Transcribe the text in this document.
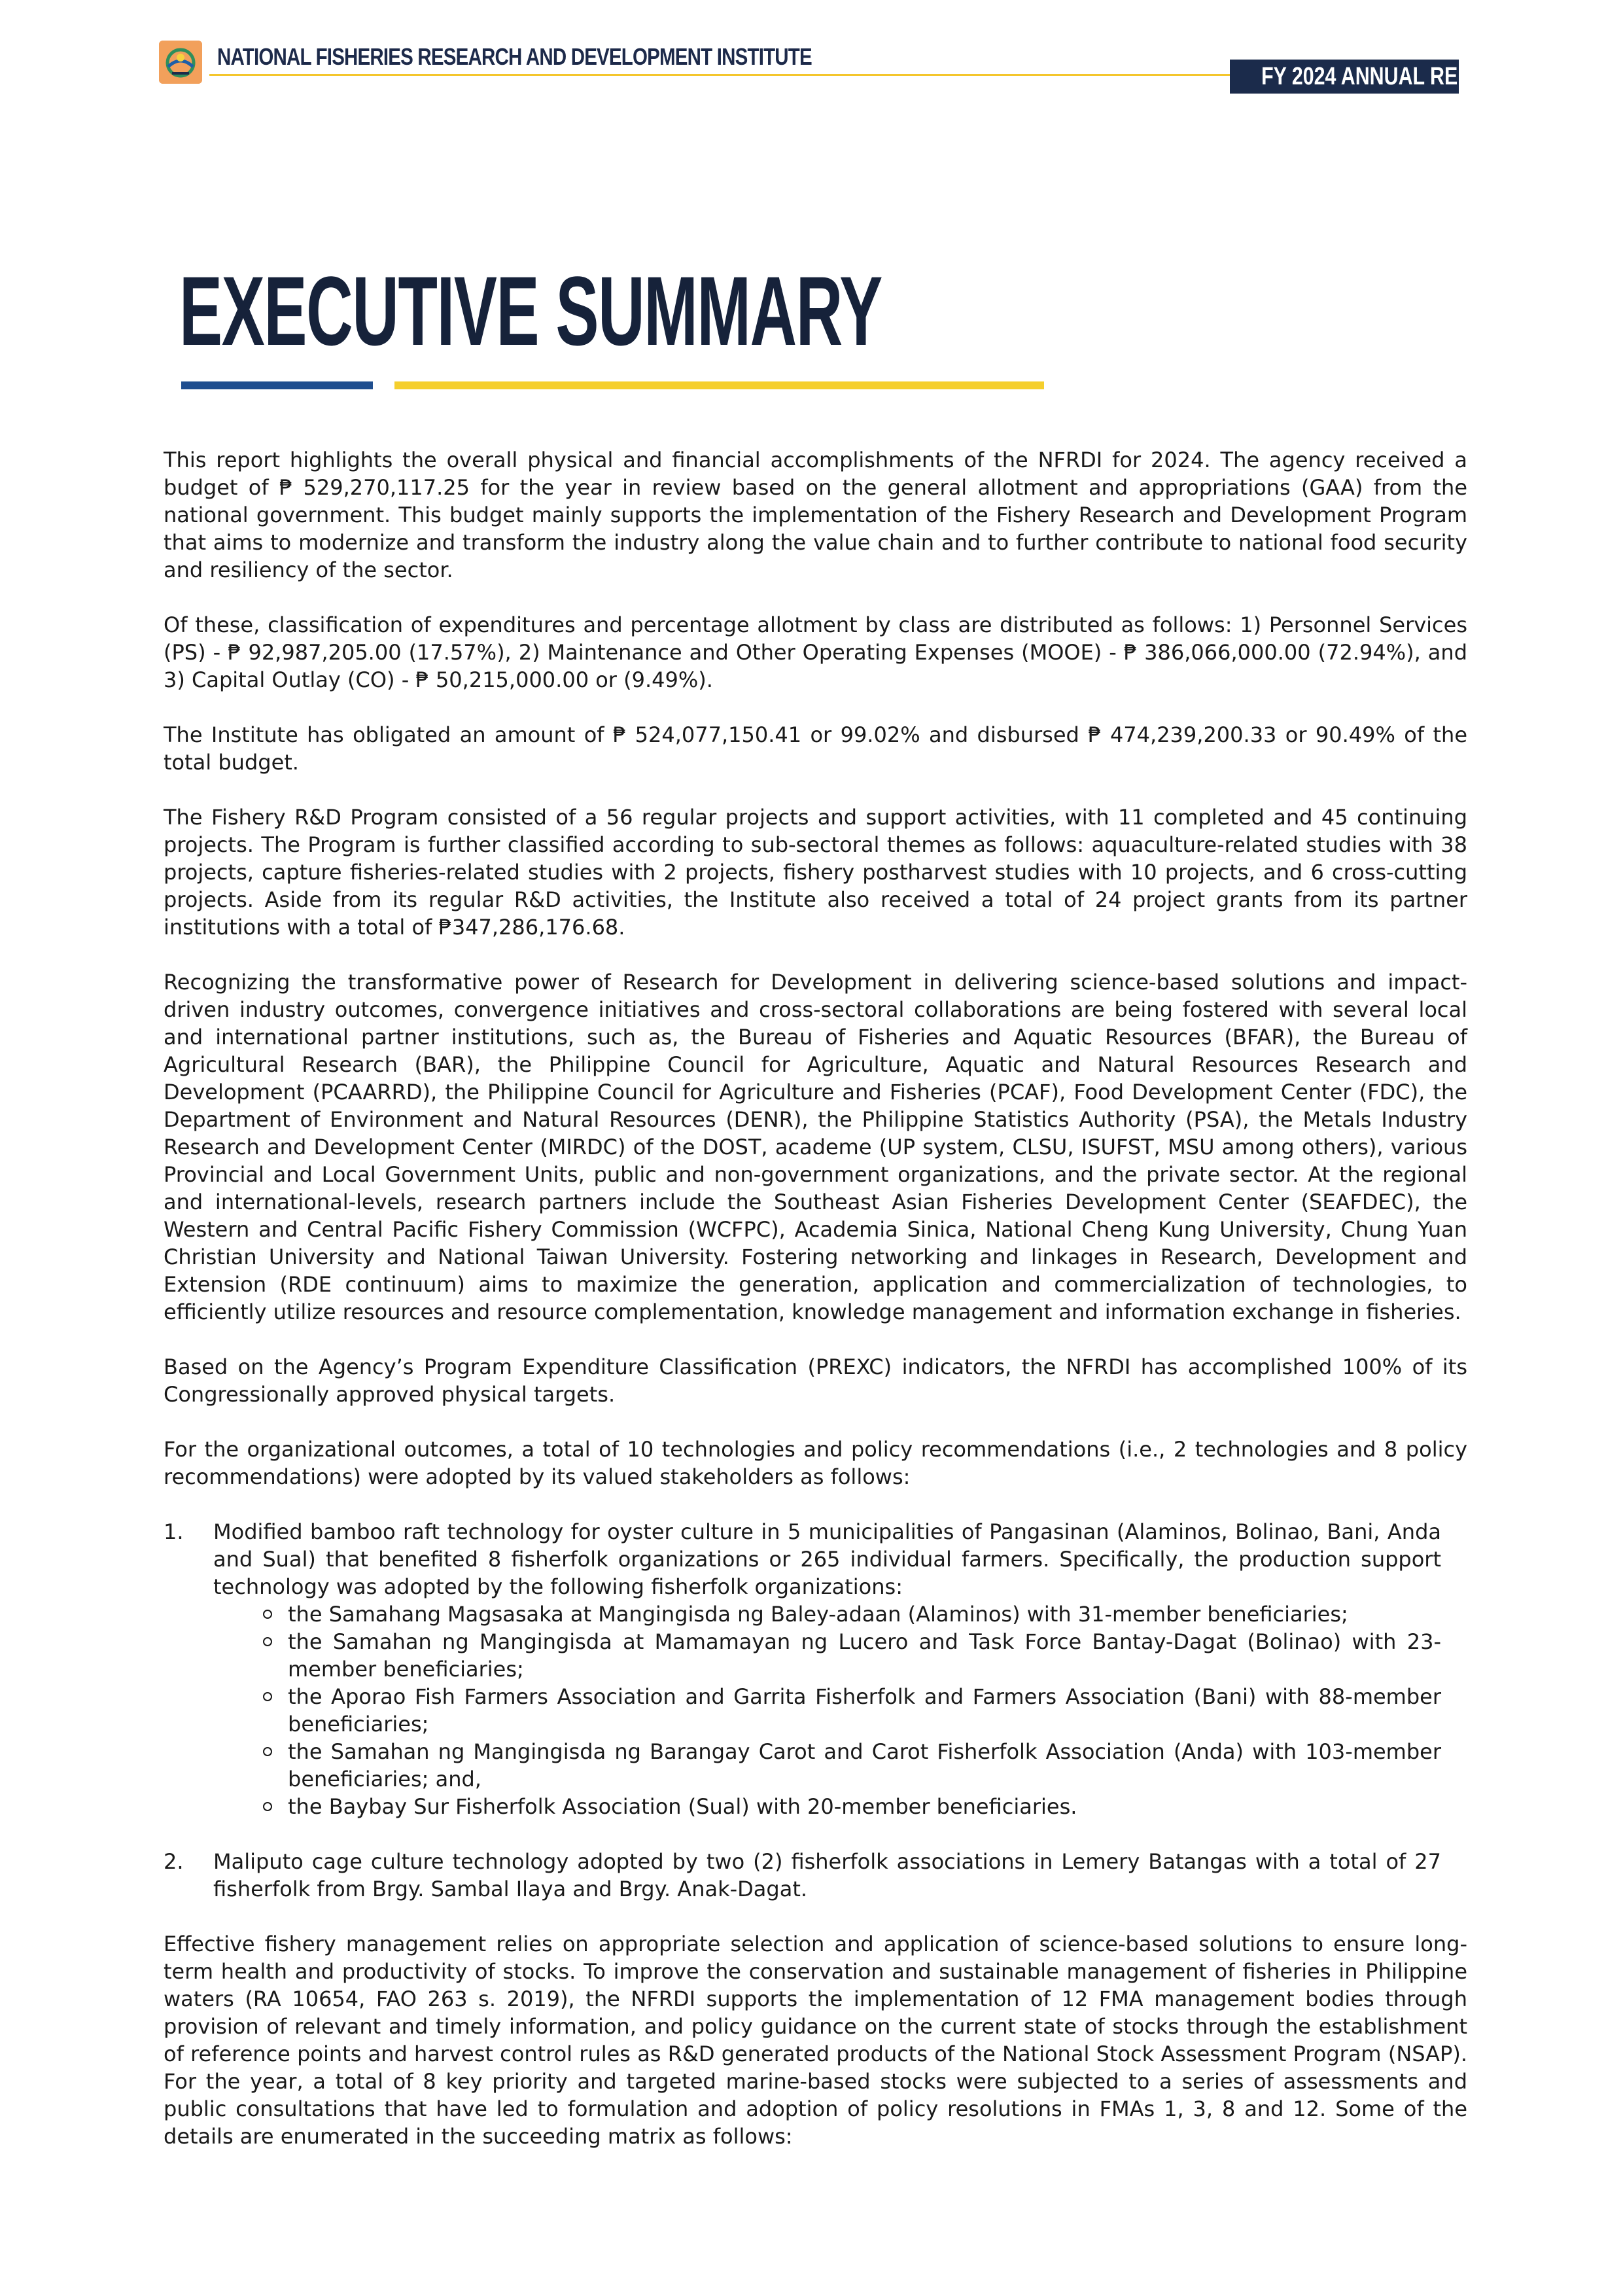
NATIONAL FISHERIES RESEARCH AND DEVELOPMENT INSTITUTE
FY 2024 ANNUAL REPORT
EXECUTIVE SUMMARY

This report highlights the overall physical and financial accomplishments of the NFRDI for 2024. The agency received a budget of ₱ 529,270,117.25 for the year in review based on the general allotment and appropriations (GAA) from the national government. This budget mainly supports the implementation of the Fishery Research and Development Program that aims to modernize and transform the industry along the value chain and to further contribute to national food security and resiliency of the sector.

Of these, classification of expenditures and percentage allotment by class are distributed as follows: 1) Personnel Services (PS) - ₱ 92,987,205.00 (17.57%), 2) Maintenance and Other Operating Expenses (MOOE) - ₱ 386,066,000.00 (72.94%), and 3) Capital Outlay (CO) - ₱ 50,215,000.00 or (9.49%).

The Institute has obligated an amount of ₱ 524,077,150.41 or 99.02% and disbursed ₱ 474,239,200.33 or 90.49% of the total budget.

The Fishery R&D Program consisted of a 56 regular projects and support activities, with 11 completed and 45 continuing projects. The Program is further classified according to sub-sectoral themes as follows: aquaculture-related studies with 38 projects, capture fisheries-related studies with 2 projects, fishery postharvest studies with 10 projects, and 6 cross-cutting projects. Aside from its regular R&D activities, the Institute also received a total of 24 project grants from its partner institutions with a total of ₱347,286,176.68.

Recognizing the transformative power of Research for Development in delivering science-based solutions and impact-driven industry outcomes, convergence initiatives and cross-sectoral collaborations are being fostered with several local and international partner institutions, such as, the Bureau of Fisheries and Aquatic Resources (BFAR), the Bureau of Agricultural Research (BAR), the Philippine Council for Agriculture, Aquatic and Natural Resources Research and Development (PCAARRD), the Philippine Council for Agriculture and Fisheries (PCAF), Food Development Center (FDC), the Department of Environment and Natural Resources (DENR), the Philippine Statistics Authority (PSA), the Metals Industry Research and Development Center (MIRDC) of the DOST, academe (UP system, CLSU, ISUFST, MSU among others), various Provincial and Local Government Units, public and non-government organizations, and the private sector. At the regional and international-levels, research partners include the Southeast Asian Fisheries Development Center (SEAFDEC), the Western and Central Pacific Fishery Commission (WCFPC), Academia Sinica, National Cheng Kung University, Chung Yuan Christian University and National Taiwan University. Fostering networking and linkages in Research, Development and Extension (RDE continuum) aims to maximize the generation, application and commercialization of technologies, to efficiently utilize resources and resource complementation, knowledge management and information exchange in fisheries.

Based on the Agency’s Program Expenditure Classification (PREXC) indicators, the NFRDI has accomplished 100% of its Congressionally approved physical targets.

For the organizational outcomes, a total of 10 technologies and policy recommendations (i.e., 2 technologies and 8 policy recommendations) were adopted by its valued stakeholders as follows:

1. Modified bamboo raft technology for oyster culture in 5 municipalities of Pangasinan (Alaminos, Bolinao, Bani, Anda and Sual) that benefited 8 fisherfolk organizations or 265 individual farmers. Specifically, the production support technology was adopted by the following fisherfolk organizations:

the Samahang Magsasaka at Mangingisda ng Baley-adaan (Alaminos) with 31-member beneficiaries;
the Samahan ng Mangingisda at Mamamayan ng Lucero and Task Force Bantay-Dagat (Bolinao) with 23-member beneficiaries;
the Aporao Fish Farmers Association and Garrita Fisherfolk and Farmers Association (Bani) with 88-member beneficiaries;
the Samahan ng Mangingisda ng Barangay Carot and Carot Fisherfolk Association (Anda) with 103-member beneficiaries; and,
the Baybay Sur Fisherfolk Association (Sual) with 20-member beneficiaries.
2. Maliputo cage culture technology adopted by two (2) fisherfolk associations in Lemery Batangas with a total of 27 fisherfolk from Brgy. Sambal Ilaya and Brgy. Anak-Dagat.

Effective fishery management relies on appropriate selection and application of science-based solutions to ensure long-term health and productivity of stocks. To improve the conservation and sustainable management of fisheries in Philippine waters (RA 10654, FAO 263 s. 2019), the NFRDI supports the implementation of 12 FMA management bodies through provision of relevant and timely information, and policy guidance on the current state of stocks through the establishment of reference points and harvest control rules as R&D generated products of the National Stock Assessment Program (NSAP). For the year, a total of 8 key priority and targeted marine-based stocks were subjected to a series of assessments and public consultations that have led to formulation and adoption of policy resolutions in FMAs 1, 3, 8 and 12. Some of the details are enumerated in the succeeding matrix as follows:
